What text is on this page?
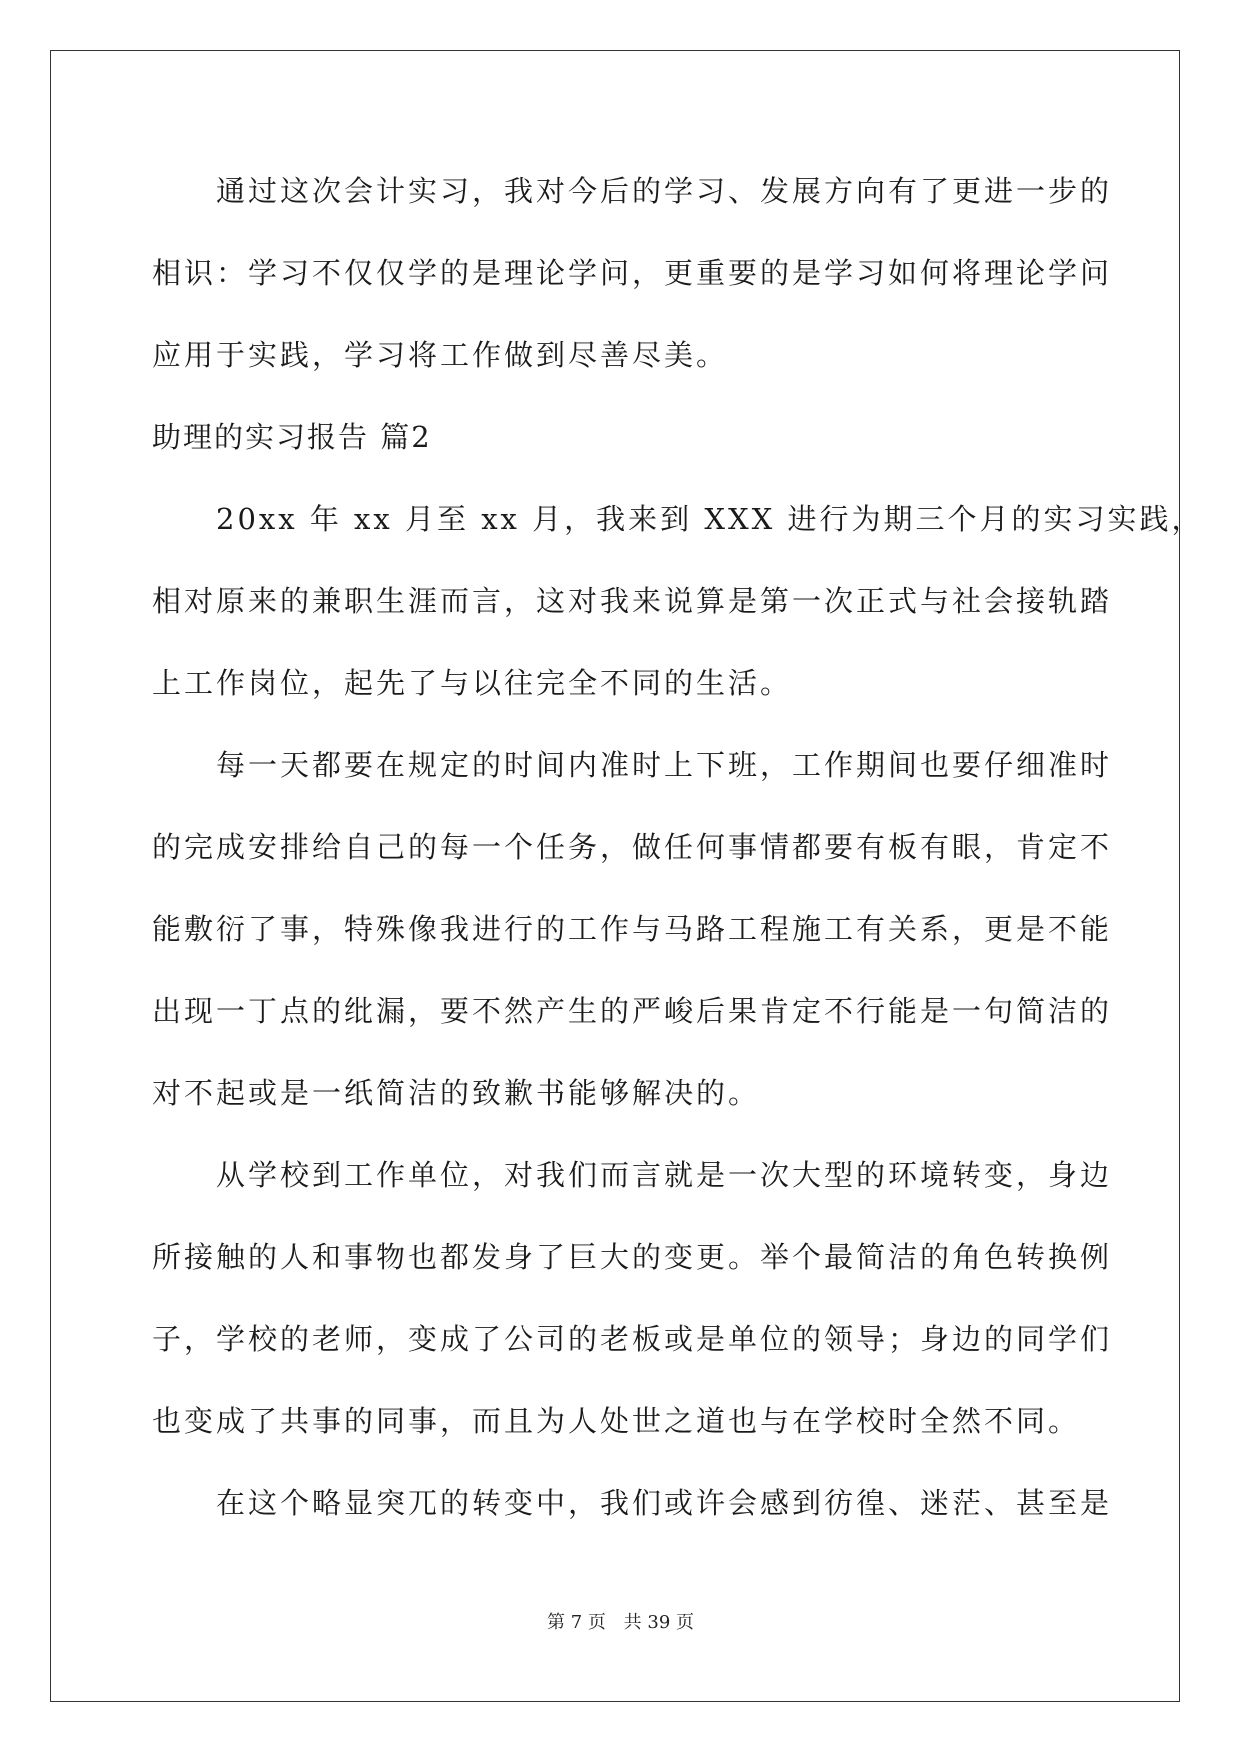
通过这次会计实习，我对今后的学习、发展方向有了更进一步的
相识：学习不仅仅学的是理论学问，更重要的是学习如何将理论学问
应用于实践，学习将工作做到尽善尽美。
助理的实习报告 篇2
20xx 年 xx 月至 xx 月，我来到 XXX 进行为期三个月的实习实践，
相对原来的兼职生涯而言，这对我来说算是第一次正式与社会接轨踏
上工作岗位，起先了与以往完全不同的生活。
每一天都要在规定的时间内准时上下班，工作期间也要仔细准时
的完成安排给自己的每一个任务，做任何事情都要有板有眼，肯定不
能敷衍了事，特殊像我进行的工作与马路工程施工有关系，更是不能
出现一丁点的纰漏，要不然产生的严峻后果肯定不行能是一句简洁的
对不起或是一纸简洁的致歉书能够解决的。
从学校到工作单位，对我们而言就是一次大型的环境转变，身边
所接触的人和事物也都发身了巨大的变更。举个最简洁的角色转换例
子，学校的老师，变成了公司的老板或是单位的领导；身边的同学们
也变成了共事的同事，而且为人处世之道也与在学校时全然不同。
在这个略显突兀的转变中，我们或许会感到彷徨、迷茫、甚至是
第 7 页 共 39 页
